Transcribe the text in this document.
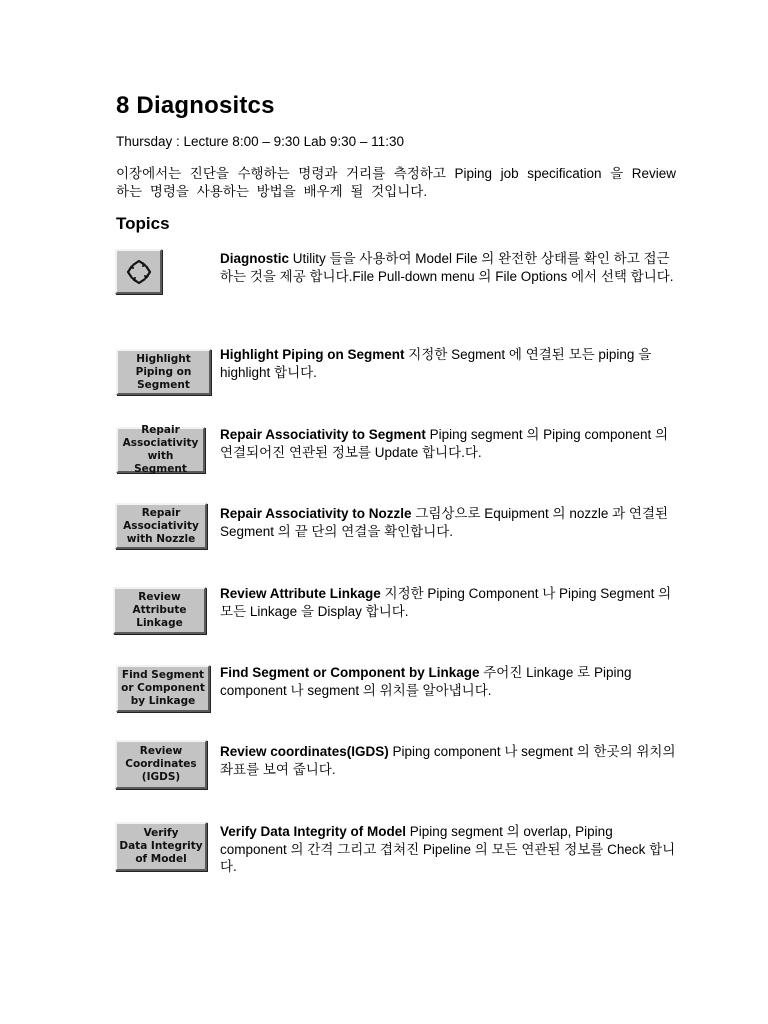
8 Diagnositcs
Thursday : Lecture 8:00 – 9:30 Lab 9:30 – 11:30
이장에서는 진단을 수행하는 명령과 거리를 측정하고 Piping job specification 을 Review 하는 명령을 사용하는 방법을 배우게 될 것입니다.
Topics
Diagnostic Utility 들을 사용하여 Model File 의 완전한 상태를 확인 하고 접근하는 것을 제공 합니다.File Pull-down menu 의 File Options 에서 선택 합니다.
Highlight
Piping on
Segment
Highlight Piping on Segment 지정한 Segment 에 연결된 모든 piping 을 highlight 합니다.
Repair
Associativity
with Segment
Repair Associativity to Segment Piping segment 의 Piping component 의 연결되어진 연관된 정보를 Update 합니다.다.
Repair
Associativity
with Nozzle
Repair Associativity to Nozzle 그림상으로 Equipment 의 nozzle 과 연결된 Segment 의 끝 단의 연결을 확인합니다.
Review
Attribute
Linkage
Review Attribute Linkage 지정한 Piping Component 나 Piping Segment 의 모든 Linkage 을 Display 합니다.
Find Segment
or Component
by Linkage
Find Segment or Component by Linkage 주어진 Linkage 로 Piping component 나 segment 의 위치를 알아냅니다.
Review
Coordinates
(IGDS)
Review coordinates(IGDS) Piping component 나 segment 의 한곳의 위치의 좌표를 보여 줍니다.
Verify
Data Integrity
of Model
Verify Data Integrity of Model Piping segment 의 overlap, Piping component 의 간격 그리고 겹쳐진 Pipeline 의 모든 연관된 정보를 Check 합니다.
